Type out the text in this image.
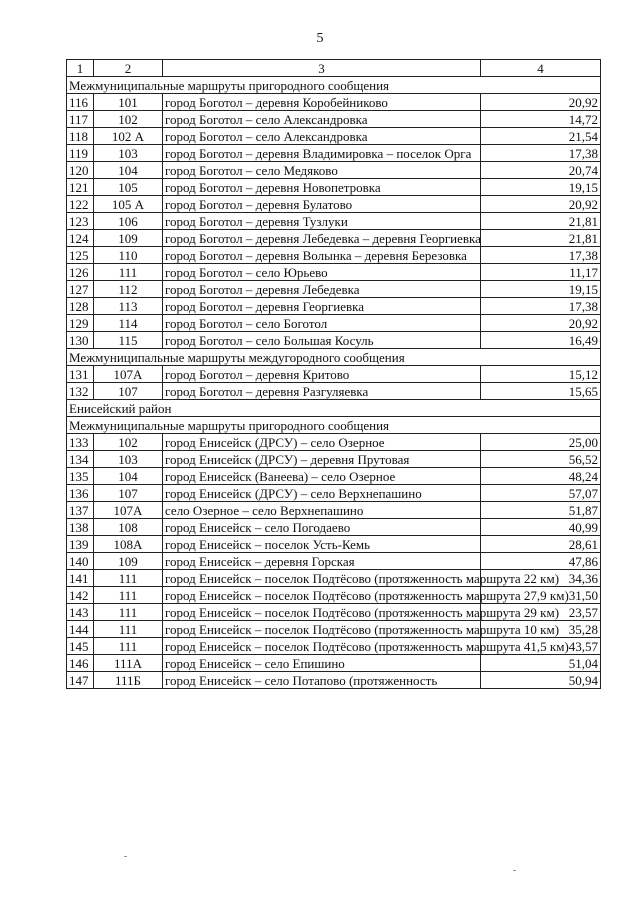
5
1	2	3	4
Межмуниципальные маршруты пригородного сообщения			
116	101	город Боготол – деревня Коробейниково	20,92
117	102	город Боготол – село Александровка	14,72
118	102 А	город Боготол – село Александровка	21,54
119	103	город Боготол – деревня Владимировка – поселок Орга	17,38
120	104	город Боготол – село Медяково	20,74
121	105	город Боготол – деревня Новопетровка	19,15
122	105 А	город Боготол – деревня Булатово	20,92
123	106	город Боготол – деревня Тузлуки	21,81
124	109	город Боготол – деревня Лебедевка – деревня Георгиевка	21,81
125	110	город Боготол – деревня Волынка – деревня Березовка	17,38
126	111	город Боготол – село Юрьево	11,17
127	112	город Боготол – деревня Лебедевка	19,15
128	113	город Боготол – деревня Георгиевка	17,38
129	114	город Боготол – село Боготол	20,92
130	115	город Боготол – село Большая Косуль	16,49
Межмуниципальные маршруты междугородного сообщения			
131	107А	город Боготол – деревня Критово	15,12
132	107	город Боготол – деревня Разгуляевка	15,65
Енисейский район			
Межмуниципальные маршруты пригородного сообщения			
133	102	город Енисейск (ДРСУ) – село Озерное	25,00
134	103	город Енисейск (ДРСУ) – деревня Прутовая	56,52
135	104	город Енисейск (Ванеева) – село Озерное	48,24
136	107	город Енисейск (ДРСУ) – село Верхнепашино	57,07
137	107А	село Озерное – село Верхнепашино	51,87
138	108	город Енисейск – село Погодаево	40,99
139	108А	город Енисейск – поселок Усть-Кемь	28,61
140	109	город Енисейск – деревня Горская	47,86
141	111	город Енисейск – поселок Подтёсово (протяженность маршрута 22 км)	34,36
142	111	город Енисейск – поселок Подтёсово (протяженность маршрута 27,9 км)	31,50
143	111	город Енисейск – поселок Подтёсово (протяженность маршрута 29 км)	23,57
144	111	город Енисейск – поселок Подтёсово (протяженность маршрута 10 км)	35,28
145	111	город Енисейск – поселок Подтёсово (протяженность маршрута 41,5 км)	43,57
146	111А	город Енисейск – село Епишино	51,04
147	111Б	город Енисейск – село Потапово (протяженность	50,94
